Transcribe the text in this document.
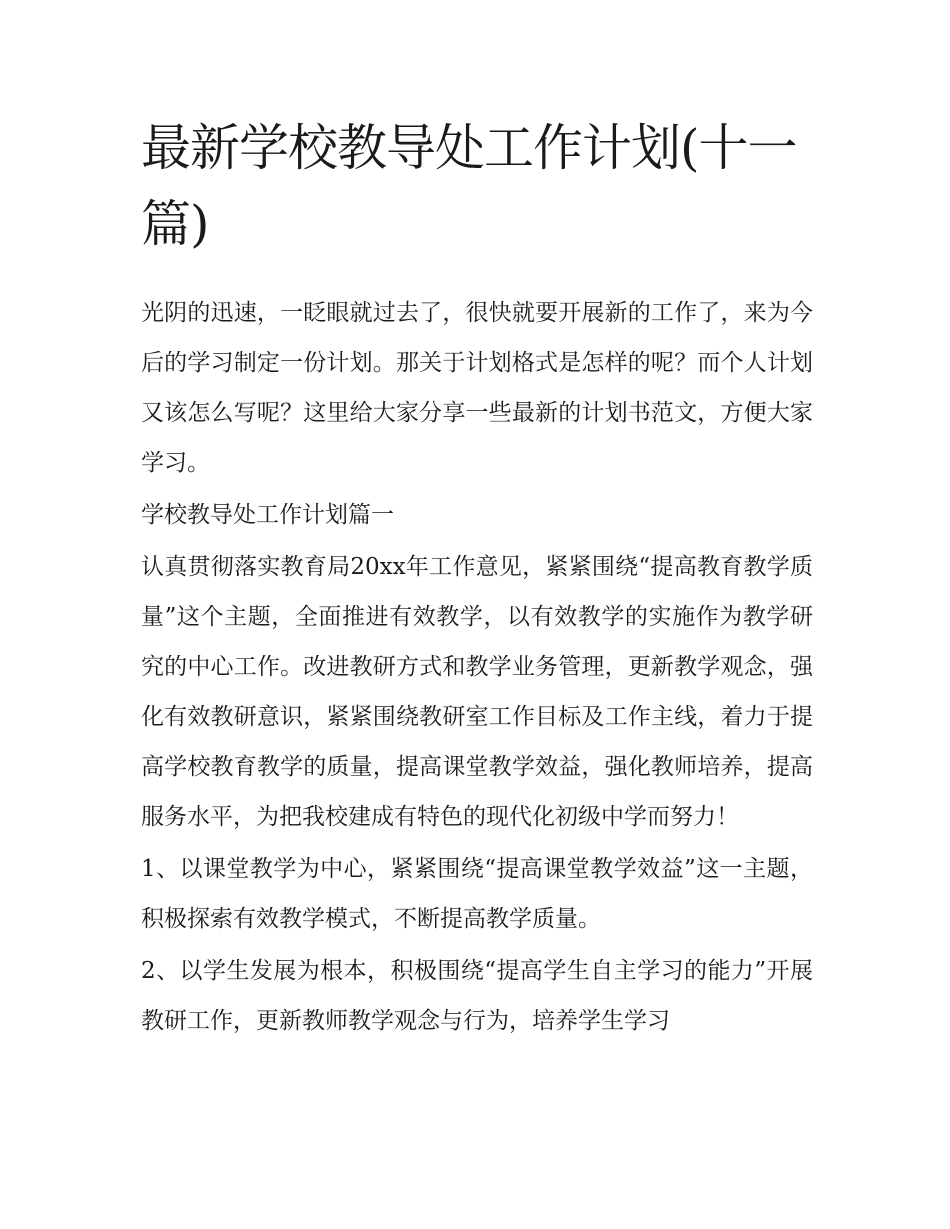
最新学校教导处工作计划(十一篇)

光阴的迅速，一眨眼就过去了，很快就要开展新的工作了，来为今后的学习制定一份计划。那关于计划格式是怎样的呢？而个人计划又该怎么写呢？这里给大家分享一些最新的计划书范文，方便大家学习。

学校教导处工作计划篇一

认真贯彻落实教育局20xx年工作意见，紧紧围绕“提高教育教学质量”这个主题，全面推进有效教学，以有效教学的实施作为教学研究的中心工作。改进教研方式和教学业务管理，更新教学观念，强化有效教研意识，紧紧围绕教研室工作目标及工作主线，着力于提高学校教育教学的质量，提高课堂教学效益，强化教师培养，提高服务水平，为把我校建成有特色的现代化初级中学而努力！

1、以课堂教学为中心，紧紧围绕“提高课堂教学效益”这一主题，积极探索有效教学模式，不断提高教学质量。

2、以学生发展为根本，积极围绕“提高学生自主学习的能力”开展教研工作，更新教师教学观念与行为，培养学生学习
